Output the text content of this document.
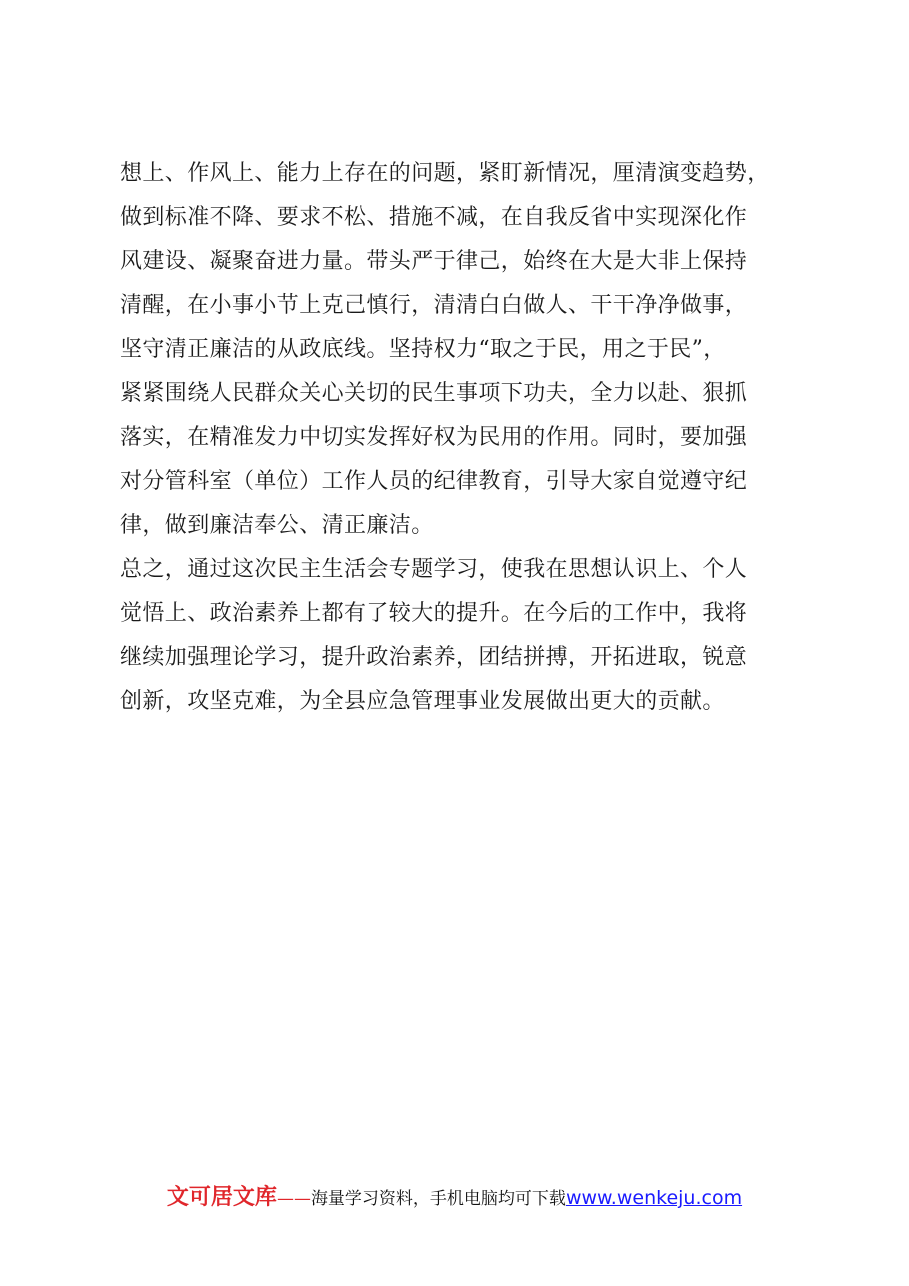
想上、作风上、能力上存在的问题，紧盯新情况，厘清演变趋势，
做到标准不降、要求不松、措施不减，在自我反省中实现深化作
风建设、凝聚奋进力量。带头严于律己，始终在大是大非上保持
清醒，在小事小节上克己慎行，清清白白做人、干干净净做事，
坚守清正廉洁的从政底线。坚持权力“取之于民，用之于民”，
紧紧围绕人民群众关心关切的民生事项下功夫，全力以赴、狠抓
落实，在精准发力中切实发挥好权为民用的作用。同时，要加强
对分管科室（单位）工作人员的纪律教育，引导大家自觉遵守纪
律，做到廉洁奉公、清正廉洁。
总之，通过这次民主生活会专题学习，使我在思想认识上、个人
觉悟上、政治素养上都有了较大的提升。在今后的工作中，我将
继续加强理论学习，提升政治素养，团结拼搏，开拓进取，锐意
创新，攻坚克难，为全县应急管理事业发展做出更大的贡献。
文可居文库——海量学习资料，手机电脑均可下载www.wenkeju.com
